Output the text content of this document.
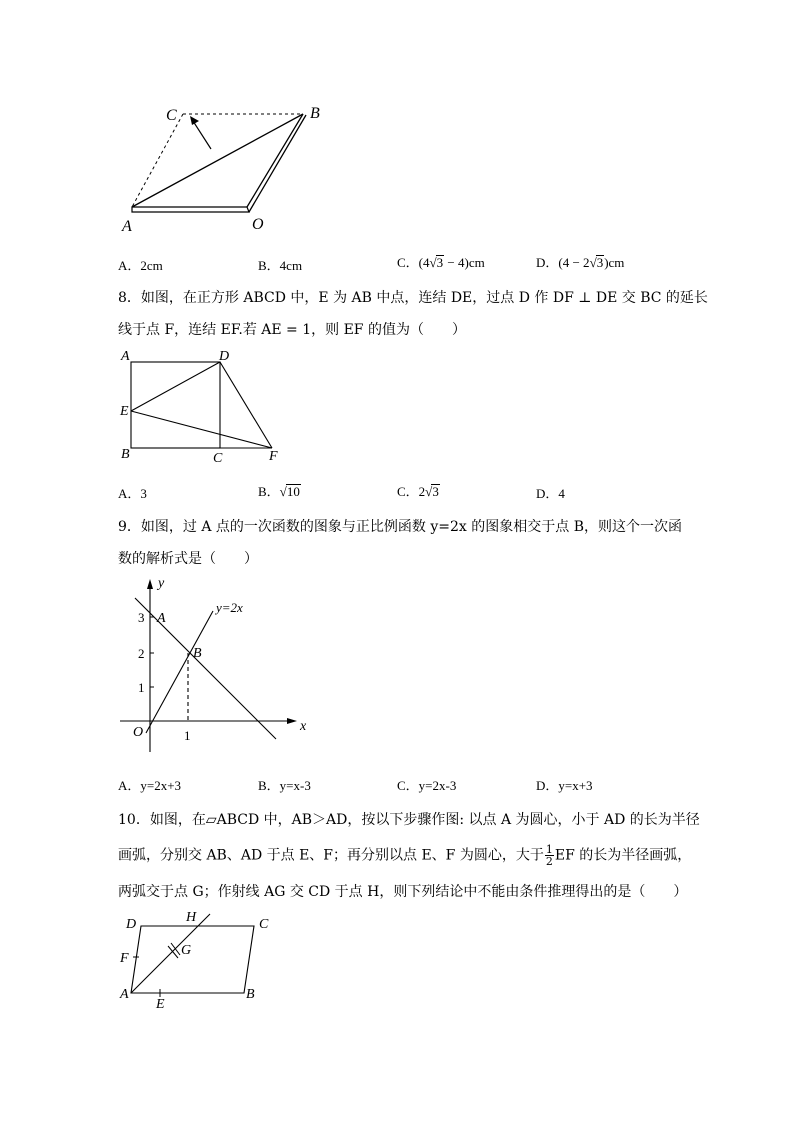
C	B
A	O
A．2cm	B．4cm	C．(4√3 − 4)cm	D．(4 − 2√3)cm
8．如图，在正方形 ABCD 中，E 为 AB 中点，连结 DE，过点 D 作 DF ⊥ DE 交 BC 的延长
线于点 F，连结 EF.若 AE = 1，则 EF 的值为（　　）
A	D
E
B	C	F
A．3	B．√10	C．2√3	D．4
9．如图，过 A 点的一次函数的图象与正比例函数 y=2x 的图象相交于点 B，则这个一次函
数的解析式是（　　）
y
x
O
A
B
y=2x
3
2
1
1
A．y=2x+3	B．y=x-3	C．y=2x-3	D．y=x+3
10．如图，在▱ABCD 中，AB＞AD，按以下步骤作图: 以点 A 为圆心，小于 AD 的长为半径
画弧，分别交 AB、AD 于点 E、F；再分别以点 E、F 为圆心，大于 $\frac{1}{2}$ EF 的长为半径画弧，
两弧交于点 G；作射线 AG 交 CD 于点 H，则下列结论中不能由条件推理得出的是（　　）
D	H	C
G
F
A	B
E
